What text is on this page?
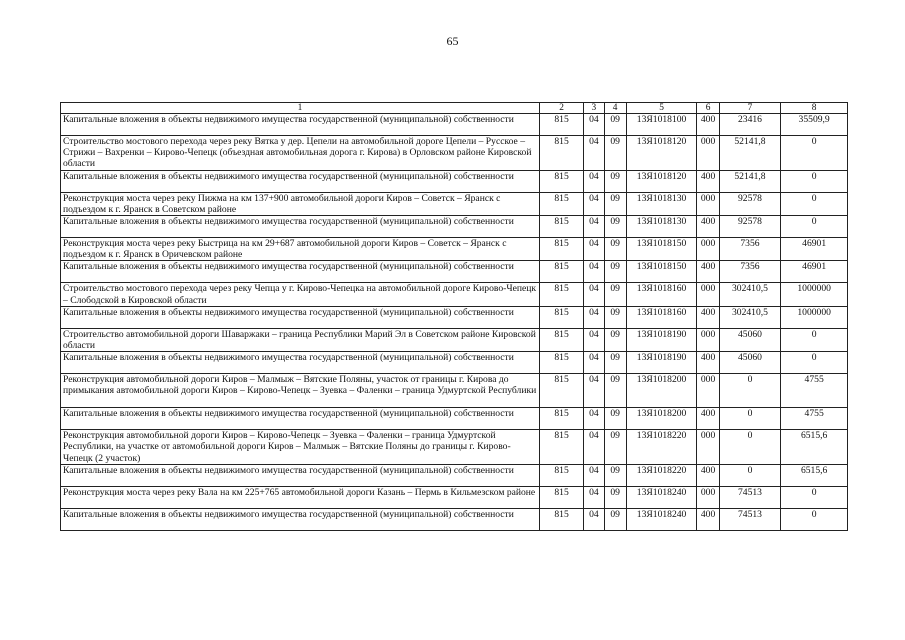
65
1	2	3	4	5	6	7	8
Капитальные вложения в объекты недвижимого имущества государственной (муниципальной) собственности	815	04	09	13Я1018100	400	23416	35509,9
Строительство мостового перехода через реку Вятка у дер. Цепели на автомобильной дороге Цепели – Русское – Стрижи – Вахренки – Кирово-Чепецк (объездная автомобильная дорога г. Кирова) в Орловском районе Кировской области	815	04	09	13Я1018120	000	52141,8	0
Капитальные вложения в объекты недвижимого имущества государственной (муниципальной) собственности	815	04	09	13Я1018120	400	52141,8	0
Реконструкция моста через реку Пижма на км 137+900 автомобильной дороги Киров – Советск – Яранск с подъездом к г. Яранск в Советском районе	815	04	09	13Я1018130	000	92578	0
Капитальные вложения в объекты недвижимого имущества государственной (муниципальной) собственности	815	04	09	13Я1018130	400	92578	0
Реконструкция моста через реку Быстрица на км 29+687 автомобильной дороги Киров – Советск – Яранск с подъездом к г. Яранск в Оричевском районе	815	04	09	13Я1018150	000	7356	46901
Капитальные вложения в объекты недвижимого имущества государственной (муниципальной) собственности	815	04	09	13Я1018150	400	7356	46901
Строительство мостового перехода через реку Чепца у г. Кирово-Чепецка на автомобильной дороге Кирово-Чепецк – Слободской в Кировской области	815	04	09	13Я1018160	000	302410,5	1000000
Капитальные вложения в объекты недвижимого имущества государственной (муниципальной) собственности	815	04	09	13Я1018160	400	302410,5	1000000
Строительство автомобильной дороги Шаваржаки – граница Республики Марий Эл в Советском районе Кировской области	815	04	09	13Я1018190	000	45060	0
Капитальные вложения в объекты недвижимого имущества государственной (муниципальной) собственности	815	04	09	13Я1018190	400	45060	0
Реконструкция автомобильной дороги Киров – Малмыж – Вятские Поляны, участок от границы г. Кирова до примыкания автомобильной дороги Киров – Кирово-Чепецк – Зуевка – Фаленки – граница Удмуртской Республики	815	04	09	13Я1018200	000	0	4755
Капитальные вложения в объекты недвижимого имущества государственной (муниципальной) собственности	815	04	09	13Я1018200	400	0	4755
Реконструкция автомобильной дороги Киров – Кирово-Чепецк – Зуевка – Фаленки – граница Удмуртской Республики, на участке от автомобильной дороги Киров – Малмыж – Вятские Поляны до границы г. Кирово-Чепецк (2 участок)	815	04	09	13Я1018220	000	0	6515,6
Капитальные вложения в объекты недвижимого имущества государственной (муниципальной) собственности	815	04	09	13Я1018220	400	0	6515,6
Реконструкция моста через реку Вала на км 225+765 автомобильной дороги Казань – Пермь в Кильмезском районе	815	04	09	13Я1018240	000	74513	0
Капитальные вложения в объекты недвижимого имущества государственной (муниципальной) собственности	815	04	09	13Я1018240	400	74513	0
